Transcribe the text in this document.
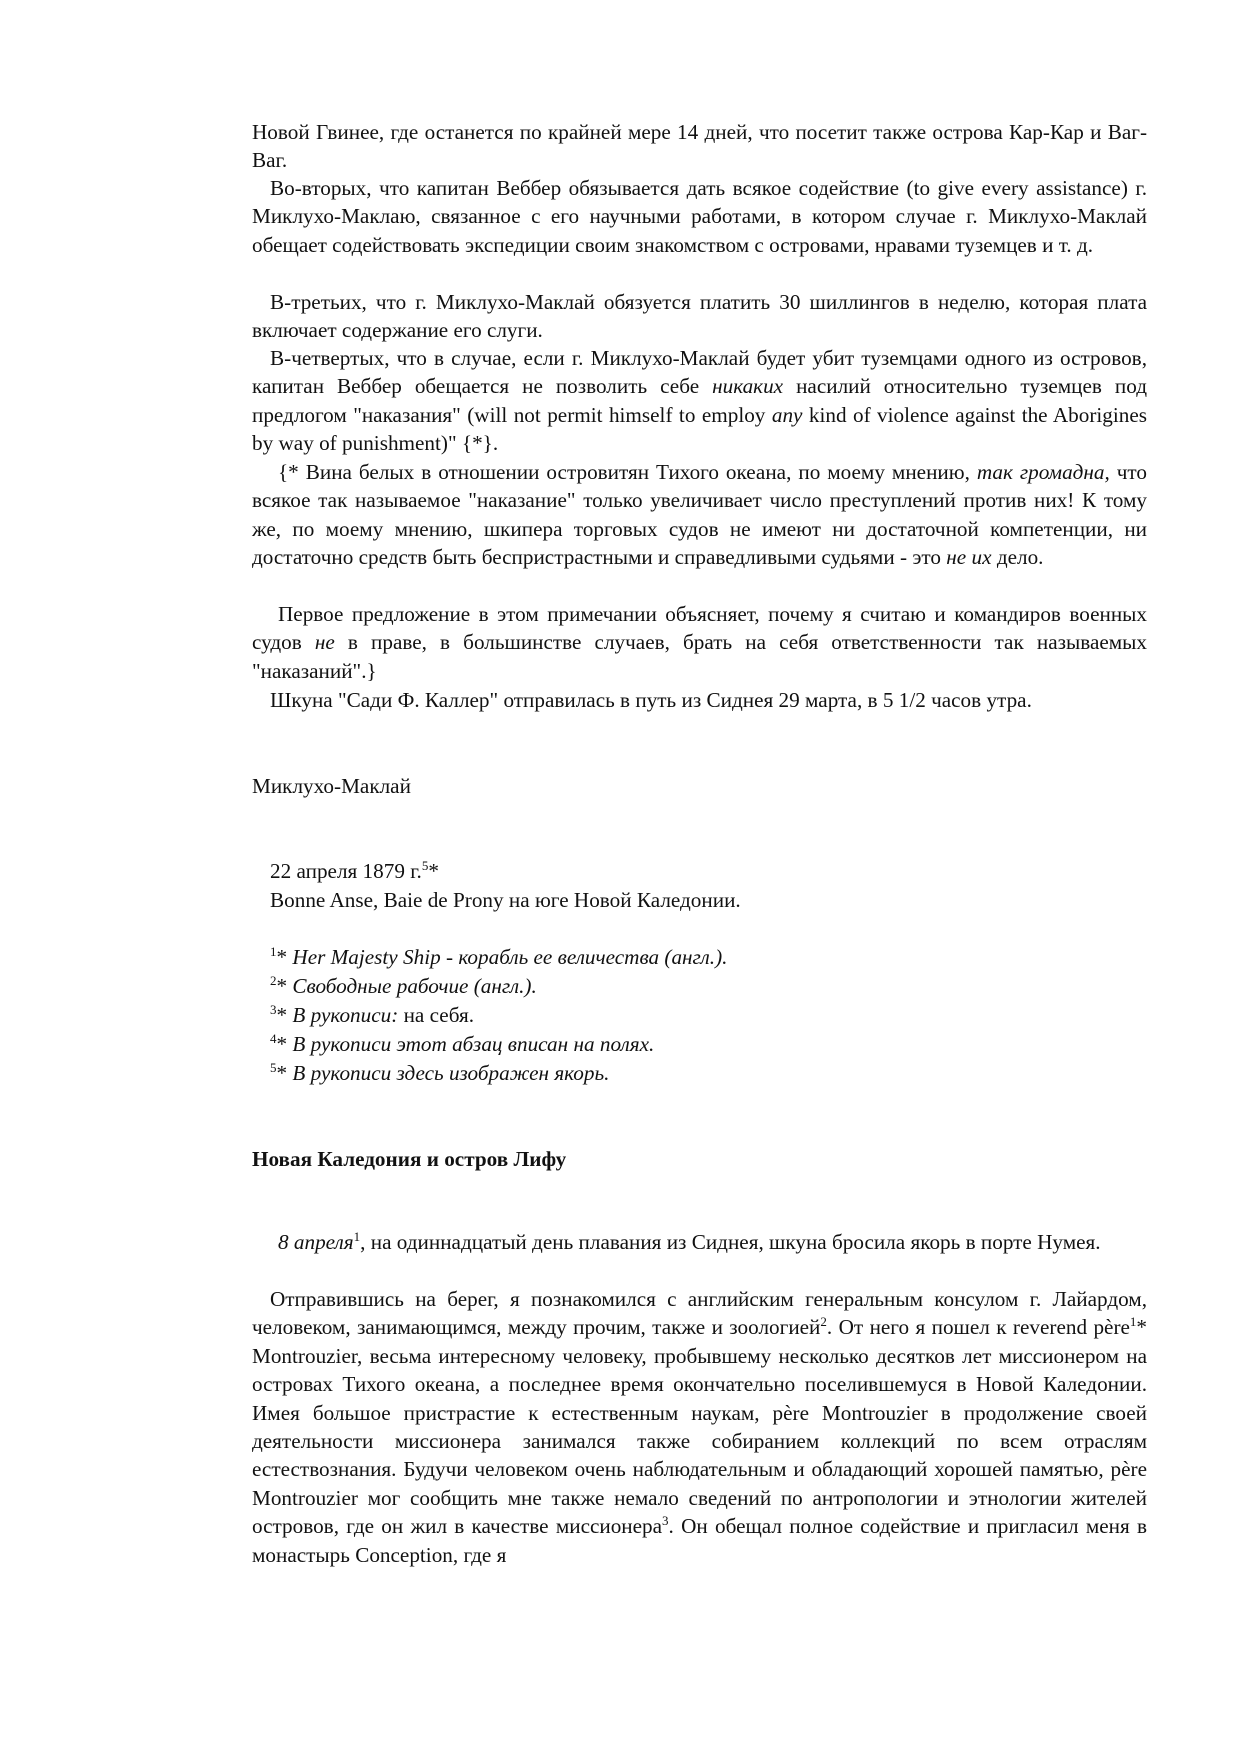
Новой Гвинее, где останется по крайней мере 14 дней, что посетит также острова Кар-Кар и Ваг-Ваг.

Во-вторых, что капитан Веббер обязывается дать всякое содействие (to give every assistance) г. Миклухо-Маклаю, связанное с его научными работами, в котором случае г. Миклухо-Маклай обещает содействовать экспедиции своим знакомством с островами, нравами туземцев и т. д.

В-третьих, что г. Миклухо-Маклай обязуется платить 30 шиллингов в неделю, которая плата включает содержание его слуги.

В-четвертых, что в случае, если г. Миклухо-Маклай будет убит туземцами одного из островов, капитан Веббер обещается не позволить себе никаких насилий относительно туземцев под предлогом "наказания" (will not permit himself to employ any kind of violence against the Aborigines by way of punishment)" {*}.

{* Вина белых в отношении островитян Тихого океана, по моему мнению, так громадна, что всякое так называемое "наказание" только увеличивает число преступлений против них! К тому же, по моему мнению, шкипера торговых судов не имеют ни достаточной компетенции, ни достаточно средств быть беспристрастными и справедливыми судьями - это не их дело.

Первое предложение в этом примечании объясняет, почему я считаю и командиров военных судов не в праве, в большинстве случаев, брать на себя ответственности так называемых "наказаний".}

Шкуна "Сади Ф. Каллер" отправилась в путь из Сиднея 29 марта, в 5 1/2 часов утра.

Миклухо-Маклай

22 апреля 1879 г.$^5$*

Bonne Anse, Baie de Prony на юге Новой Каледонии.

$^1$* Her Majesty Ship - корабль ее величества (англ.).

$^2$* Свободные рабочие (англ.).

$^3$* В рукописи: на себя.

$^4$* В рукописи этот абзац вписан на полях.

$^5$* В рукописи здесь изображен якорь.

Новая Каледония и остров Лифу

8 апреля$^1$, на одиннадцатый день плавания из Сиднея, шкуна бросила якорь в порте Нумея.

Отправившись на берег, я познакомился с английским генеральным консулом г. Лайардом, человеком, занимающимся, между прочим, также и зоологией$^2$. От него я пошел к reverend père$^1$* Montrouzier, весьма интересному человеку, пробывшему несколько десятков лет миссионером на островах Тихого океана, а последнее время окончательно поселившемуся в Новой Каледонии. Имея большое пристрастие к естественным наукам, père Montrouzier в продолжение своей деятельности миссионера занимался также собиранием коллекций по всем отраслям естествознания. Будучи человеком очень наблюдательным и обладающий хорошей памятью, père Montrouzier мог сообщить мне также немало сведений по антропологии и этнологии жителей островов, где он жил в качестве миссионера$^3$. Он обещал полное содействие и пригласил меня в монастырь Conception, где я
